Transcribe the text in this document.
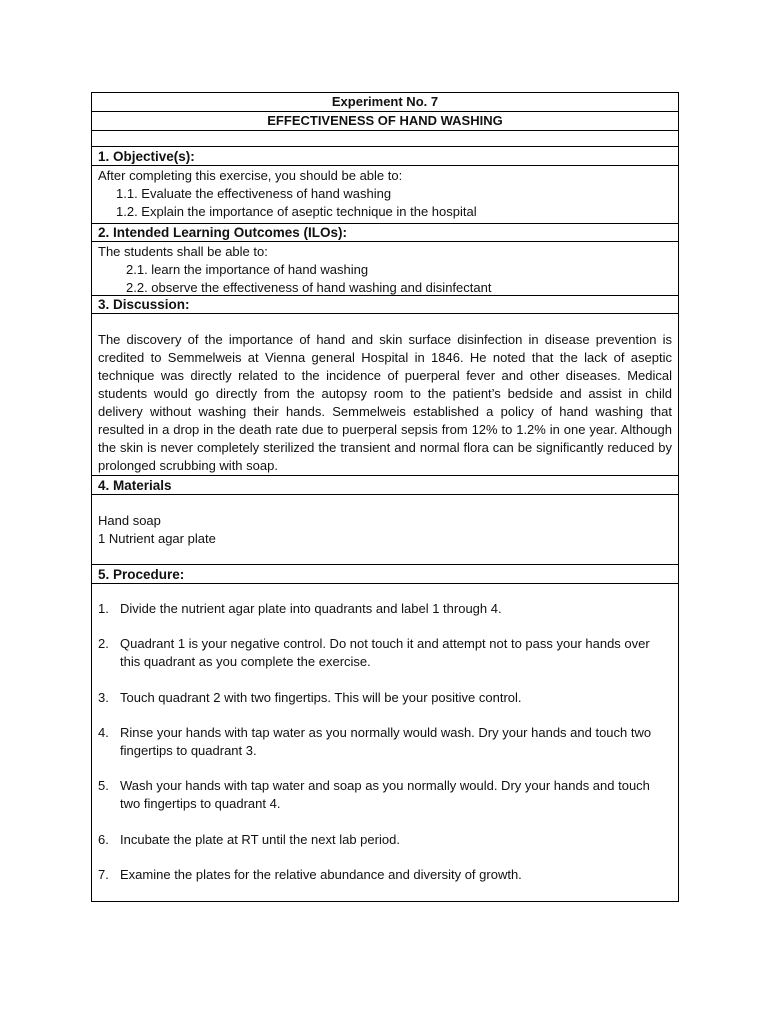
Experiment No. 7
EFFECTIVENESS OF HAND WASHING
1. Objective(s):
After completing this exercise, you should be able to:
1.1. Evaluate the effectiveness of hand washing
1.2. Explain the importance of aseptic technique in the hospital
2. Intended Learning Outcomes (ILOs):
The students shall be able to:
2.1. learn the importance of hand washing
2.2. observe the effectiveness of hand washing and disinfectant
3. Discussion:
The discovery of the importance of hand and skin surface disinfection in disease prevention is credited to Semmelweis at Vienna general Hospital in 1846. He noted that the lack of aseptic technique was directly related to the incidence of puerperal fever and other diseases. Medical students would go directly from the autopsy room to the patient’s bedside and assist in child delivery without washing their hands. Semmelweis established a policy of hand washing that resulted in a drop in the death rate due to puerperal sepsis from 12% to 1.2% in one year. Although the skin is never completely sterilized the transient and normal flora can be significantly reduced by prolonged scrubbing with soap.
4. Materials
Hand soap
1 Nutrient agar plate
5. Procedure:
1. Divide the nutrient agar plate into quadrants and label 1 through 4.
2. Quadrant 1 is your negative control. Do not touch it and attempt not to pass your hands over this quadrant as you complete the exercise.
3. Touch quadrant 2 with two fingertips. This will be your positive control.
4. Rinse your hands with tap water as you normally would wash. Dry your hands and touch two fingertips to quadrant 3.
5. Wash your hands with tap water and soap as you normally would. Dry your hands and touch two fingertips to quadrant 4.
6. Incubate the plate at RT until the next lab period.
7. Examine the plates for the relative abundance and diversity of growth.
